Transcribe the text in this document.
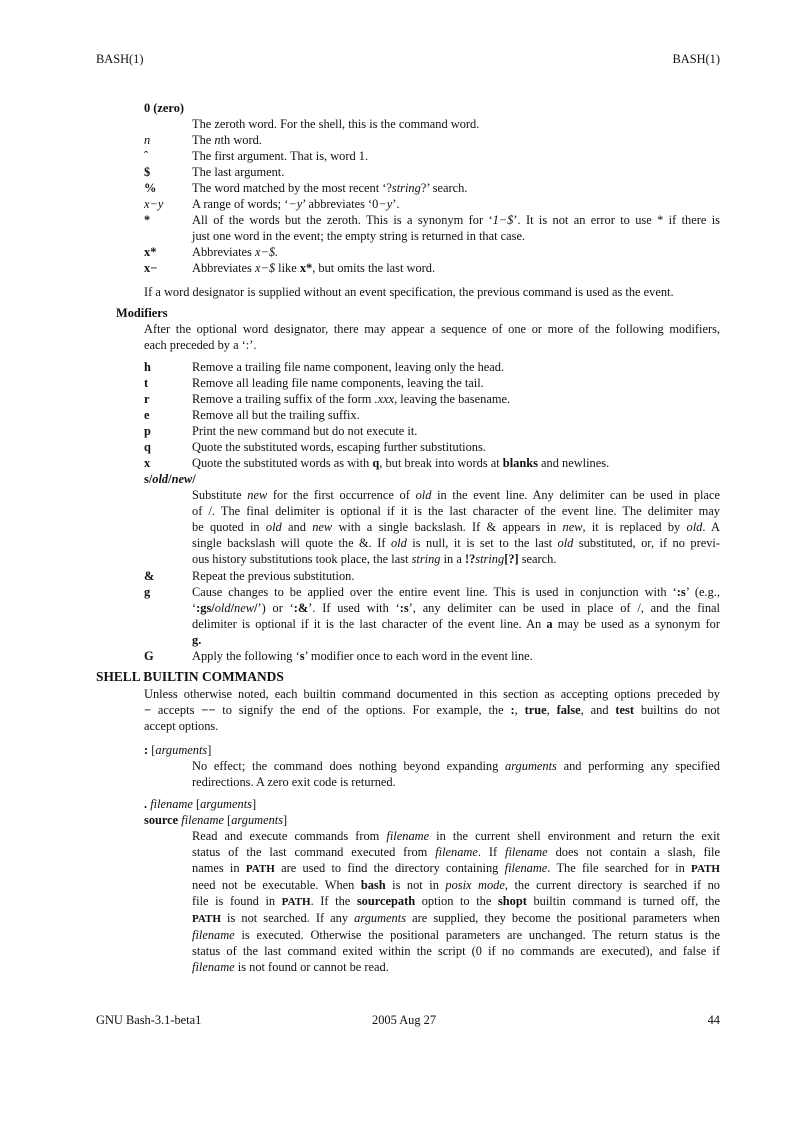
BASH(1)	BASH(1)
0 (zero)
The zeroth word. For the shell, this is the command word.
n	The nth word.
ˆ	The first argument. That is, word 1.
$	The last argument.
%	The word matched by the most recent ‘?string?’ search.
x−y A range of words; ‘−y’ abbreviates ‘0−y’.
*	All of the words but the zeroth. This is a synonym for ‘1−$’. It is not an error to use * if there is
just one word in the event; the empty string is returned in that case.
x*	Abbreviates x−$.
x−	Abbreviates x−$ like x*, but omits the last word.
If a word designator is supplied without an event specification, the previous command is used as the event.
Modifiers
After the optional word designator, there may appear a sequence of one or more of the following modifiers,
each preceded by a ‘:’.
h	Remove a trailing file name component, leaving only the head.
t	Remove all leading file name components, leaving the tail.
r	Remove a trailing suffix of the form .xxx, leaving the basename.
e	Remove all but the trailing suffix.
p	Print the new command but do not execute it.
q	Quote the substituted words, escaping further substitutions.
x	Quote the substituted words as with q, but break into words at blanks and newlines.
s/old/new/
Substitute new for the first occurrence of old in the event line. Any delimiter can be used in place
of /. The final delimiter is optional if it is the last character of the event line. The delimiter may
be quoted in old and new with a single backslash. If & appears in new, it is replaced by old. A
single backslash will quote the &. If old is null, it is set to the last old substituted, or, if no previ-
ous history substitutions took place, the last string in a !?string[?] search.
&	Repeat the previous substitution.
g	Cause changes to be applied over the entire event line. This is used in conjunction with ‘:s’ (e.g.,
‘:gs/old/new/’) or ‘:&’. If used with ‘:s’, any delimiter can be used in place of /, and the final
delimiter is optional if it is the last character of the event line. An a may be used as a synonym for
g.
G	Apply the following ‘s’ modifier once to each word in the event line.
SHELL BUILTIN COMMANDS
Unless otherwise noted, each builtin command documented in this section as accepting options preceded by
− accepts −− to signify the end of the options. For example, the :, true, false, and test builtins do not
accept options.
: [arguments]
No effect; the command does nothing beyond expanding arguments and performing any specified
redirections. A zero exit code is returned.
. filename [arguments]
source filename [arguments]
Read and execute commands from filename in the current shell environment and return the exit
status of the last command executed from filename. If filename does not contain a slash, file
names in PATH are used to find the directory containing filename. The file searched for in PATH
need not be executable. When bash is not in posix mode, the current directory is searched if no
file is found in PATH. If the sourcepath option to the shopt builtin command is turned off, the
PATH is not searched. If any arguments are supplied, they become the positional parameters when
filename is executed. Otherwise the positional parameters are unchanged. The return status is the
status of the last command exited within the script (0 if no commands are executed), and false if
filename is not found or cannot be read.
GNU Bash-3.1-beta1	2005 Aug 27	44
